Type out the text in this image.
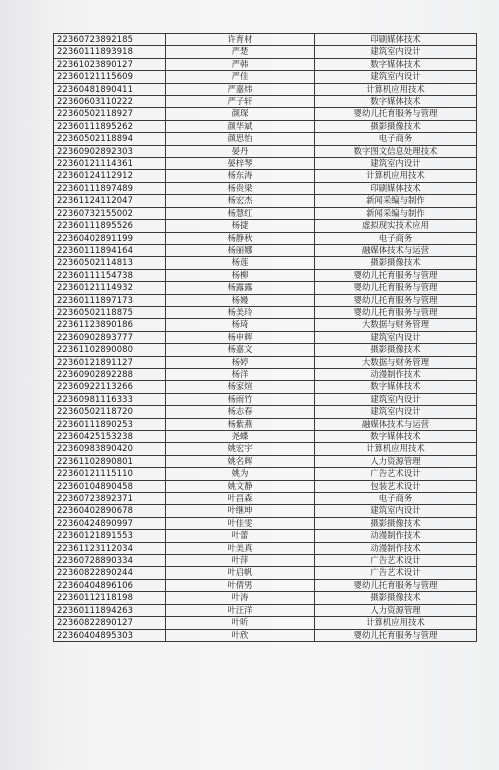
22360723892185	许育材	印刷媒体技术
22360111893918	严楚	建筑室内设计
22361023890127	严韩	数字媒体技术
22360121115609	严佳	建筑室内设计
22360481890411	严嘉炜	计算机应用技术
22360603110222	严子轩	数字媒体技术
22360502118927	颜琛	婴幼儿托育服务与管理
22360111895262	颜华斌	摄影摄像技术
22360502118894	颜思怡	电子商务
22360902892303	晏丹	数字图文信息处理技术
22360121114361	晏梓琴	建筑室内设计
22360124112912	杨东涛	计算机应用技术
22360111897489	杨贵梁	印刷媒体技术
22361124112047	杨宏杰	新闻采编与制作
22360732155002	杨慧红	新闻采编与制作
22360111895526	杨捷	虚拟现实技术应用
22360402891199	杨静秋	电子商务
22360111894164	杨丽娜	融媒体技术与运营
22360502114813	杨莲	摄影摄像技术
22360111154738	杨柳	婴幼儿托育服务与管理
22360121114932	杨露露	婴幼儿托育服务与管理
22360111897173	杨嫚	婴幼儿托育服务与管理
22360502118875	杨美玲	婴幼儿托育服务与管理
22361123890186	杨琦	大数据与财务管理
22360902893777	杨申辉	建筑室内设计
22361102890080	杨嘉文	摄影摄像技术
22360121891127	杨婷	大数据与财务管理
22360902892288	杨洋	动漫制作技术
22360922113266	杨家煊	数字媒体技术
22360981116333	杨雨竹	建筑室内设计
22360502118720	杨志春	建筑室内设计
22360111890253	杨紫燕	融媒体技术与运营
22360425153238	尧蝶	数字媒体技术
22360983890420	姚宏宇	计算机应用技术
22361102890801	姚名辉	人力资源管理
22360121115110	姚为	广告艺术设计
22360104890458	姚文静	包装艺术设计
22360723892371	叶昌森	电子商务
22360402890678	叶继坤	建筑室内设计
22360424890997	叶佳雯	摄影摄像技术
22360121891553	叶蕾	动漫制作技术
22361123112034	叶美真	动漫制作技术
22360728890334	叶萍	广告艺术设计
22360822890244	叶启帆	广告艺术设计
22360404896106	叶倩男	婴幼儿托育服务与管理
22360112118198	叶涛	摄影摄像技术
22360111894263	叶汪洋	人力资源管理
22360822890127	叶昕	计算机应用技术
22360404895303	叶欣	婴幼儿托育服务与管理
